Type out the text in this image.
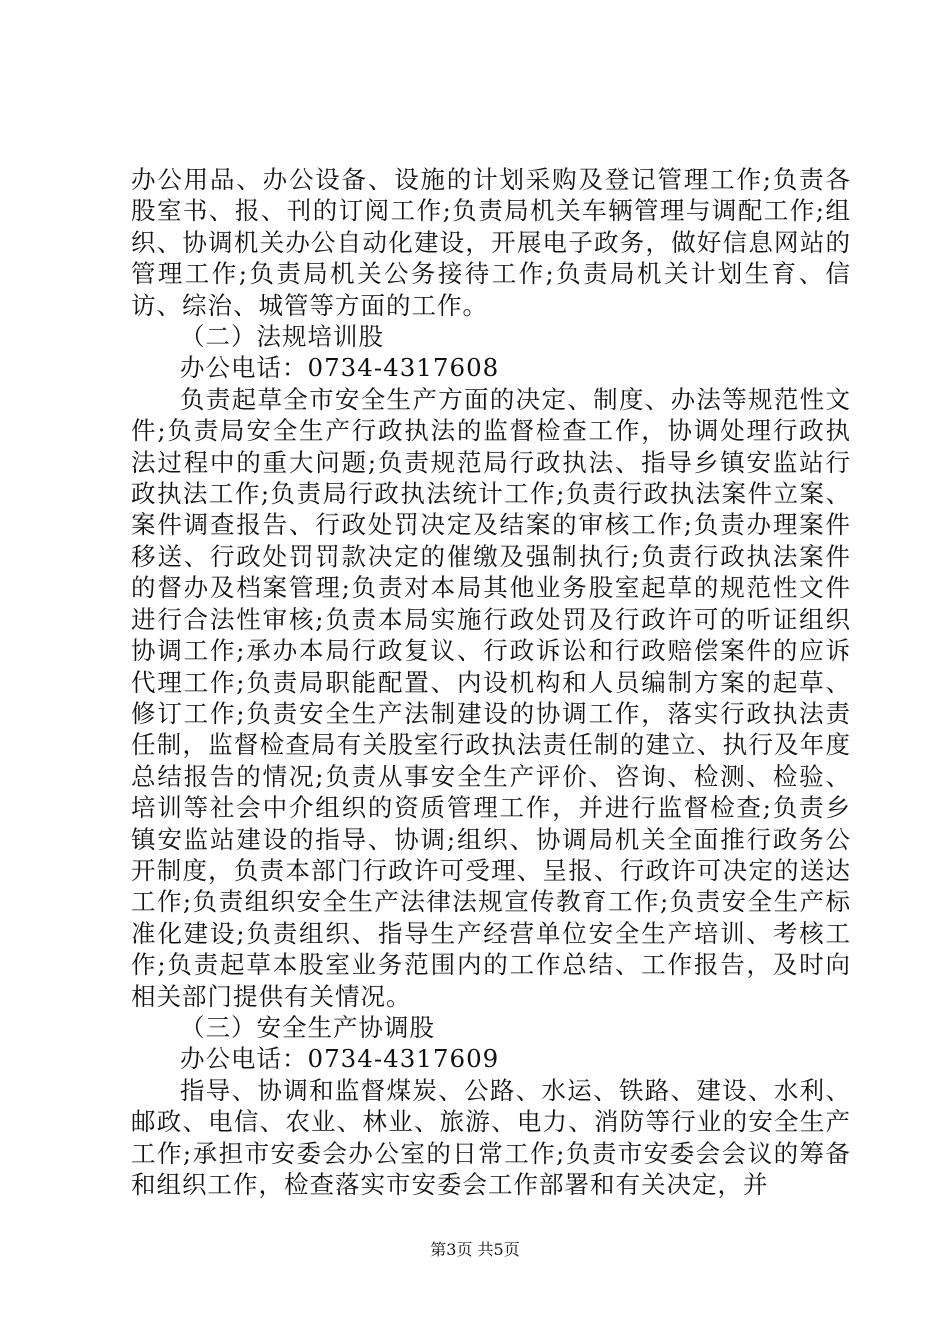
办公用品、办公设备、设施的计划采购及登记管理工作;负责各股室书、报、刊的订阅工作;负责局机关车辆管理与调配工作;组织、协调机关办公自动化建设，开展电子政务，做好信息网站的管理工作;负责局机关公务接待工作;负责局机关计划生育、信访、综治、城管等方面的工作。

（二）法规培训股

办公电话：0734-4317608

负责起草全市安全生产方面的决定、制度、办法等规范性文件;负责局安全生产行政执法的监督检查工作，协调处理行政执法过程中的重大问题;负责规范局行政执法、指导乡镇安监站行政执法工作;负责局行政执法统计工作;负责行政执法案件立案、案件调查报告、行政处罚决定及结案的审核工作;负责办理案件移送、行政处罚罚款决定的催缴及强制执行;负责行政执法案件的督办及档案管理;负责对本局其他业务股室起草的规范性文件进行合法性审核;负责本局实施行政处罚及行政许可的听证组织协调工作;承办本局行政复议、行政诉讼和行政赔偿案件的应诉代理工作;负责局职能配置、内设机构和人员编制方案的起草、修订工作;负责安全生产法制建设的协调工作，落实行政执法责任制，监督检查局有关股室行政执法责任制的建立、执行及年度总结报告的情况;负责从事安全生产评价、咨询、检测、检验、培训等社会中介组织的资质管理工作，并进行监督检查;负责乡镇安监站建设的指导、协调;组织、协调局机关全面推行政务公开制度，负责本部门行政许可受理、呈报、行政许可决定的送达工作;负责组织安全生产法律法规宣传教育工作;负责安全生产标准化建设;负责组织、指导生产经营单位安全生产培训、考核工作;负责起草本股室业务范围内的工作总结、工作报告，及时向相关部门提供有关情况。

（三）安全生产协调股

办公电话：0734-4317609

指导、协调和监督煤炭、公路、水运、铁路、建设、水利、邮政、电信、农业、林业、旅游、电力、消防等行业的安全生产工作;承担市安委会办公室的日常工作;负责市安委会会议的筹备和组织工作，检查落实市安委会工作部署和有关决定，并

第3页 共5页
